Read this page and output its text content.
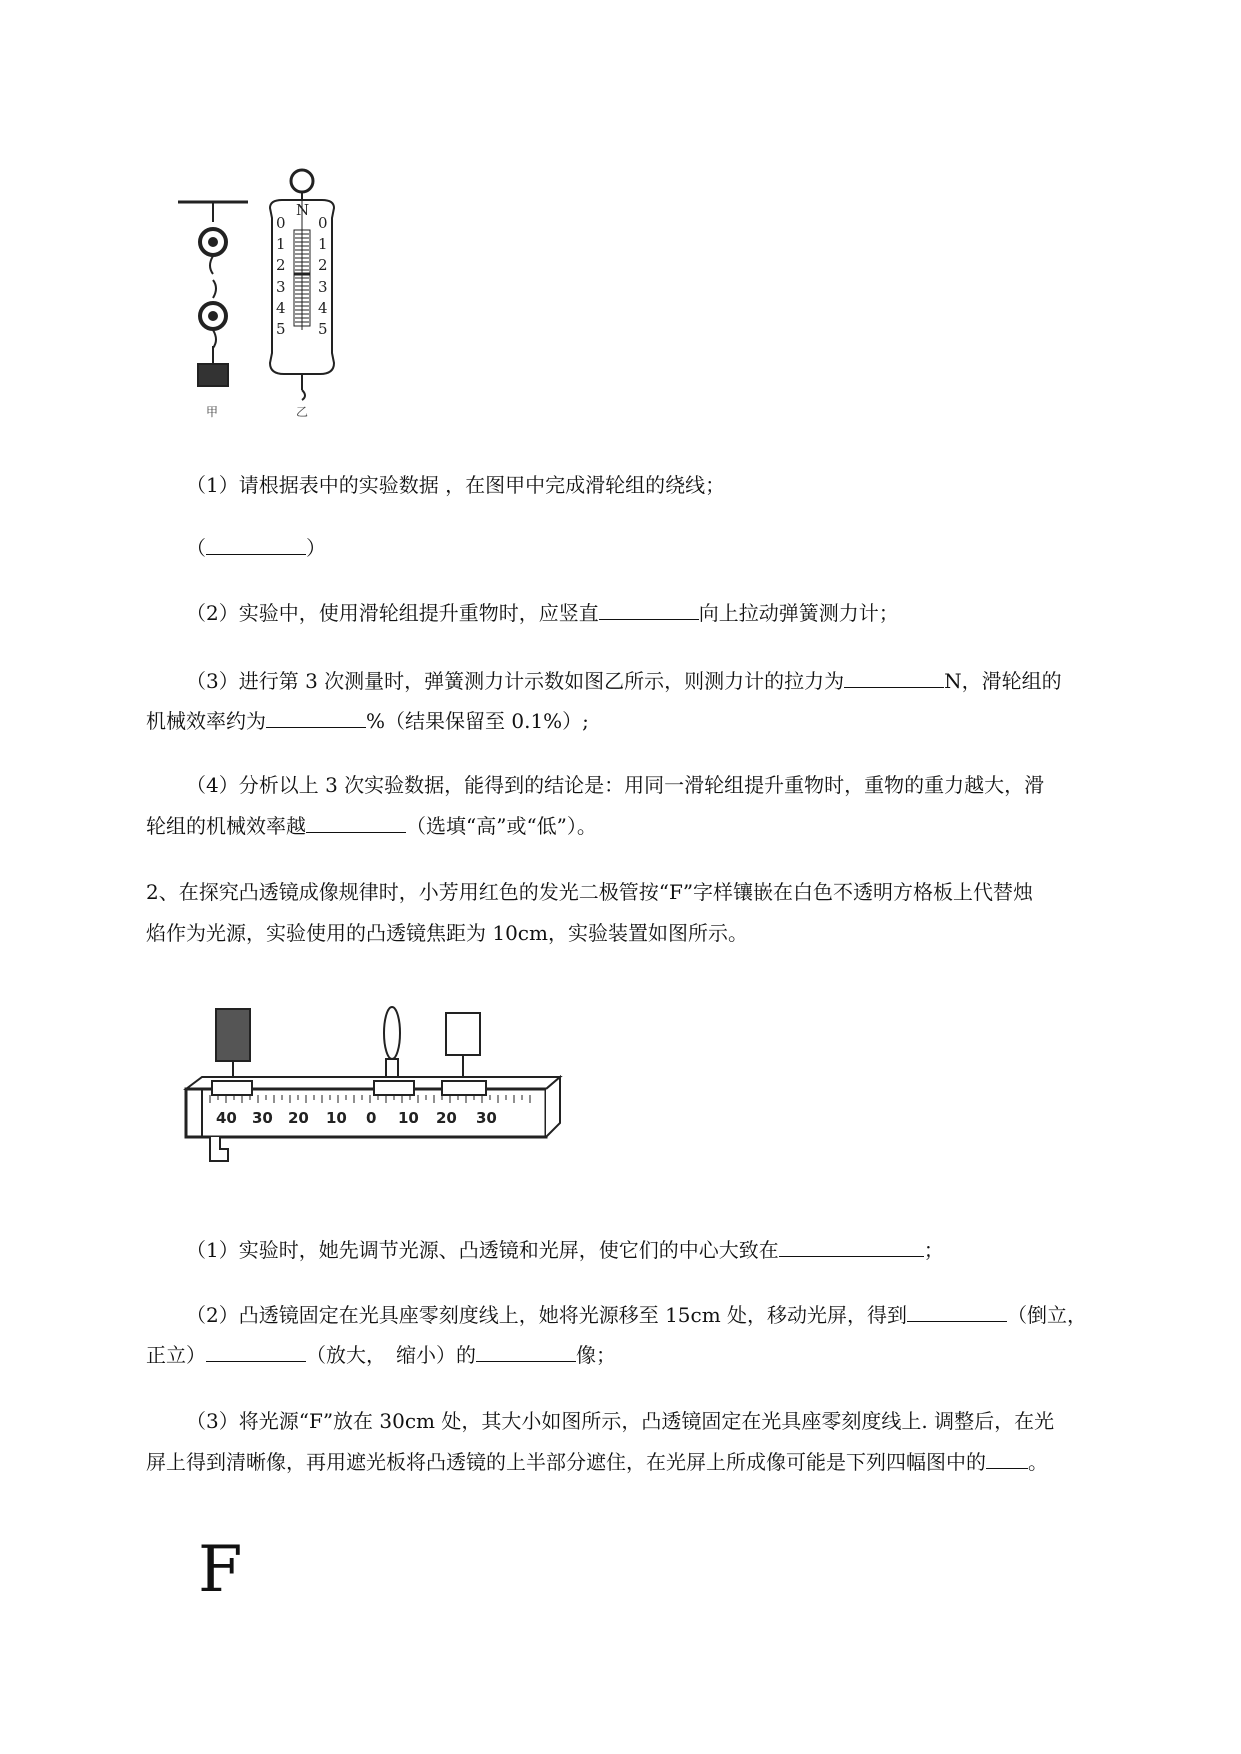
N
0
1
2
3
4
5
0
1
2
3
4
5
甲	乙
（1）请根据表中的实验数据 ，在图甲中完成滑轮组的绕线；
（	）
（2）实验中，使用滑轮组提升重物时，应竖直	向上拉动弹簧测力计；
（3）进行第 3 次测量时，弹簧测力计示数如图乙所示，则测力计的拉力为	N，滑轮组的
机械效率约为	%（结果保留至 0.1%）;
（4）分析以上 3 次实验数据，能得到的结论是：用同一滑轮组提升重物时，重物的重力越大，滑
轮组的机械效率越	（选填“高”或“低”）。
2、在探究凸透镜成像规律时，小芳用红色的发光二极管按“F”字样镶嵌在白色不透明方格板上代替烛
焰作为光源，实验使用的凸透镜焦距为 10cm，实验装置如图所示。
40 30 20 10 0 10 20 30
（1）实验时，她先调节光源、凸透镜和光屏，使它们的中心大致在	；
（2）凸透镜固定在光具座零刻度线上，她将光源移至 15cm 处，移动光屏，得到	（倒立，
正立）	（放大，　缩小）的	像；
（3）将光源“F”放在 30cm 处，其大小如图所示，凸透镜固定在光具座零刻度线上. 调整后，在光
屏上得到清晰像，再用遮光板将凸透镜的上半部分遮住，在光屏上所成像可能是下列四幅图中的 。
F
